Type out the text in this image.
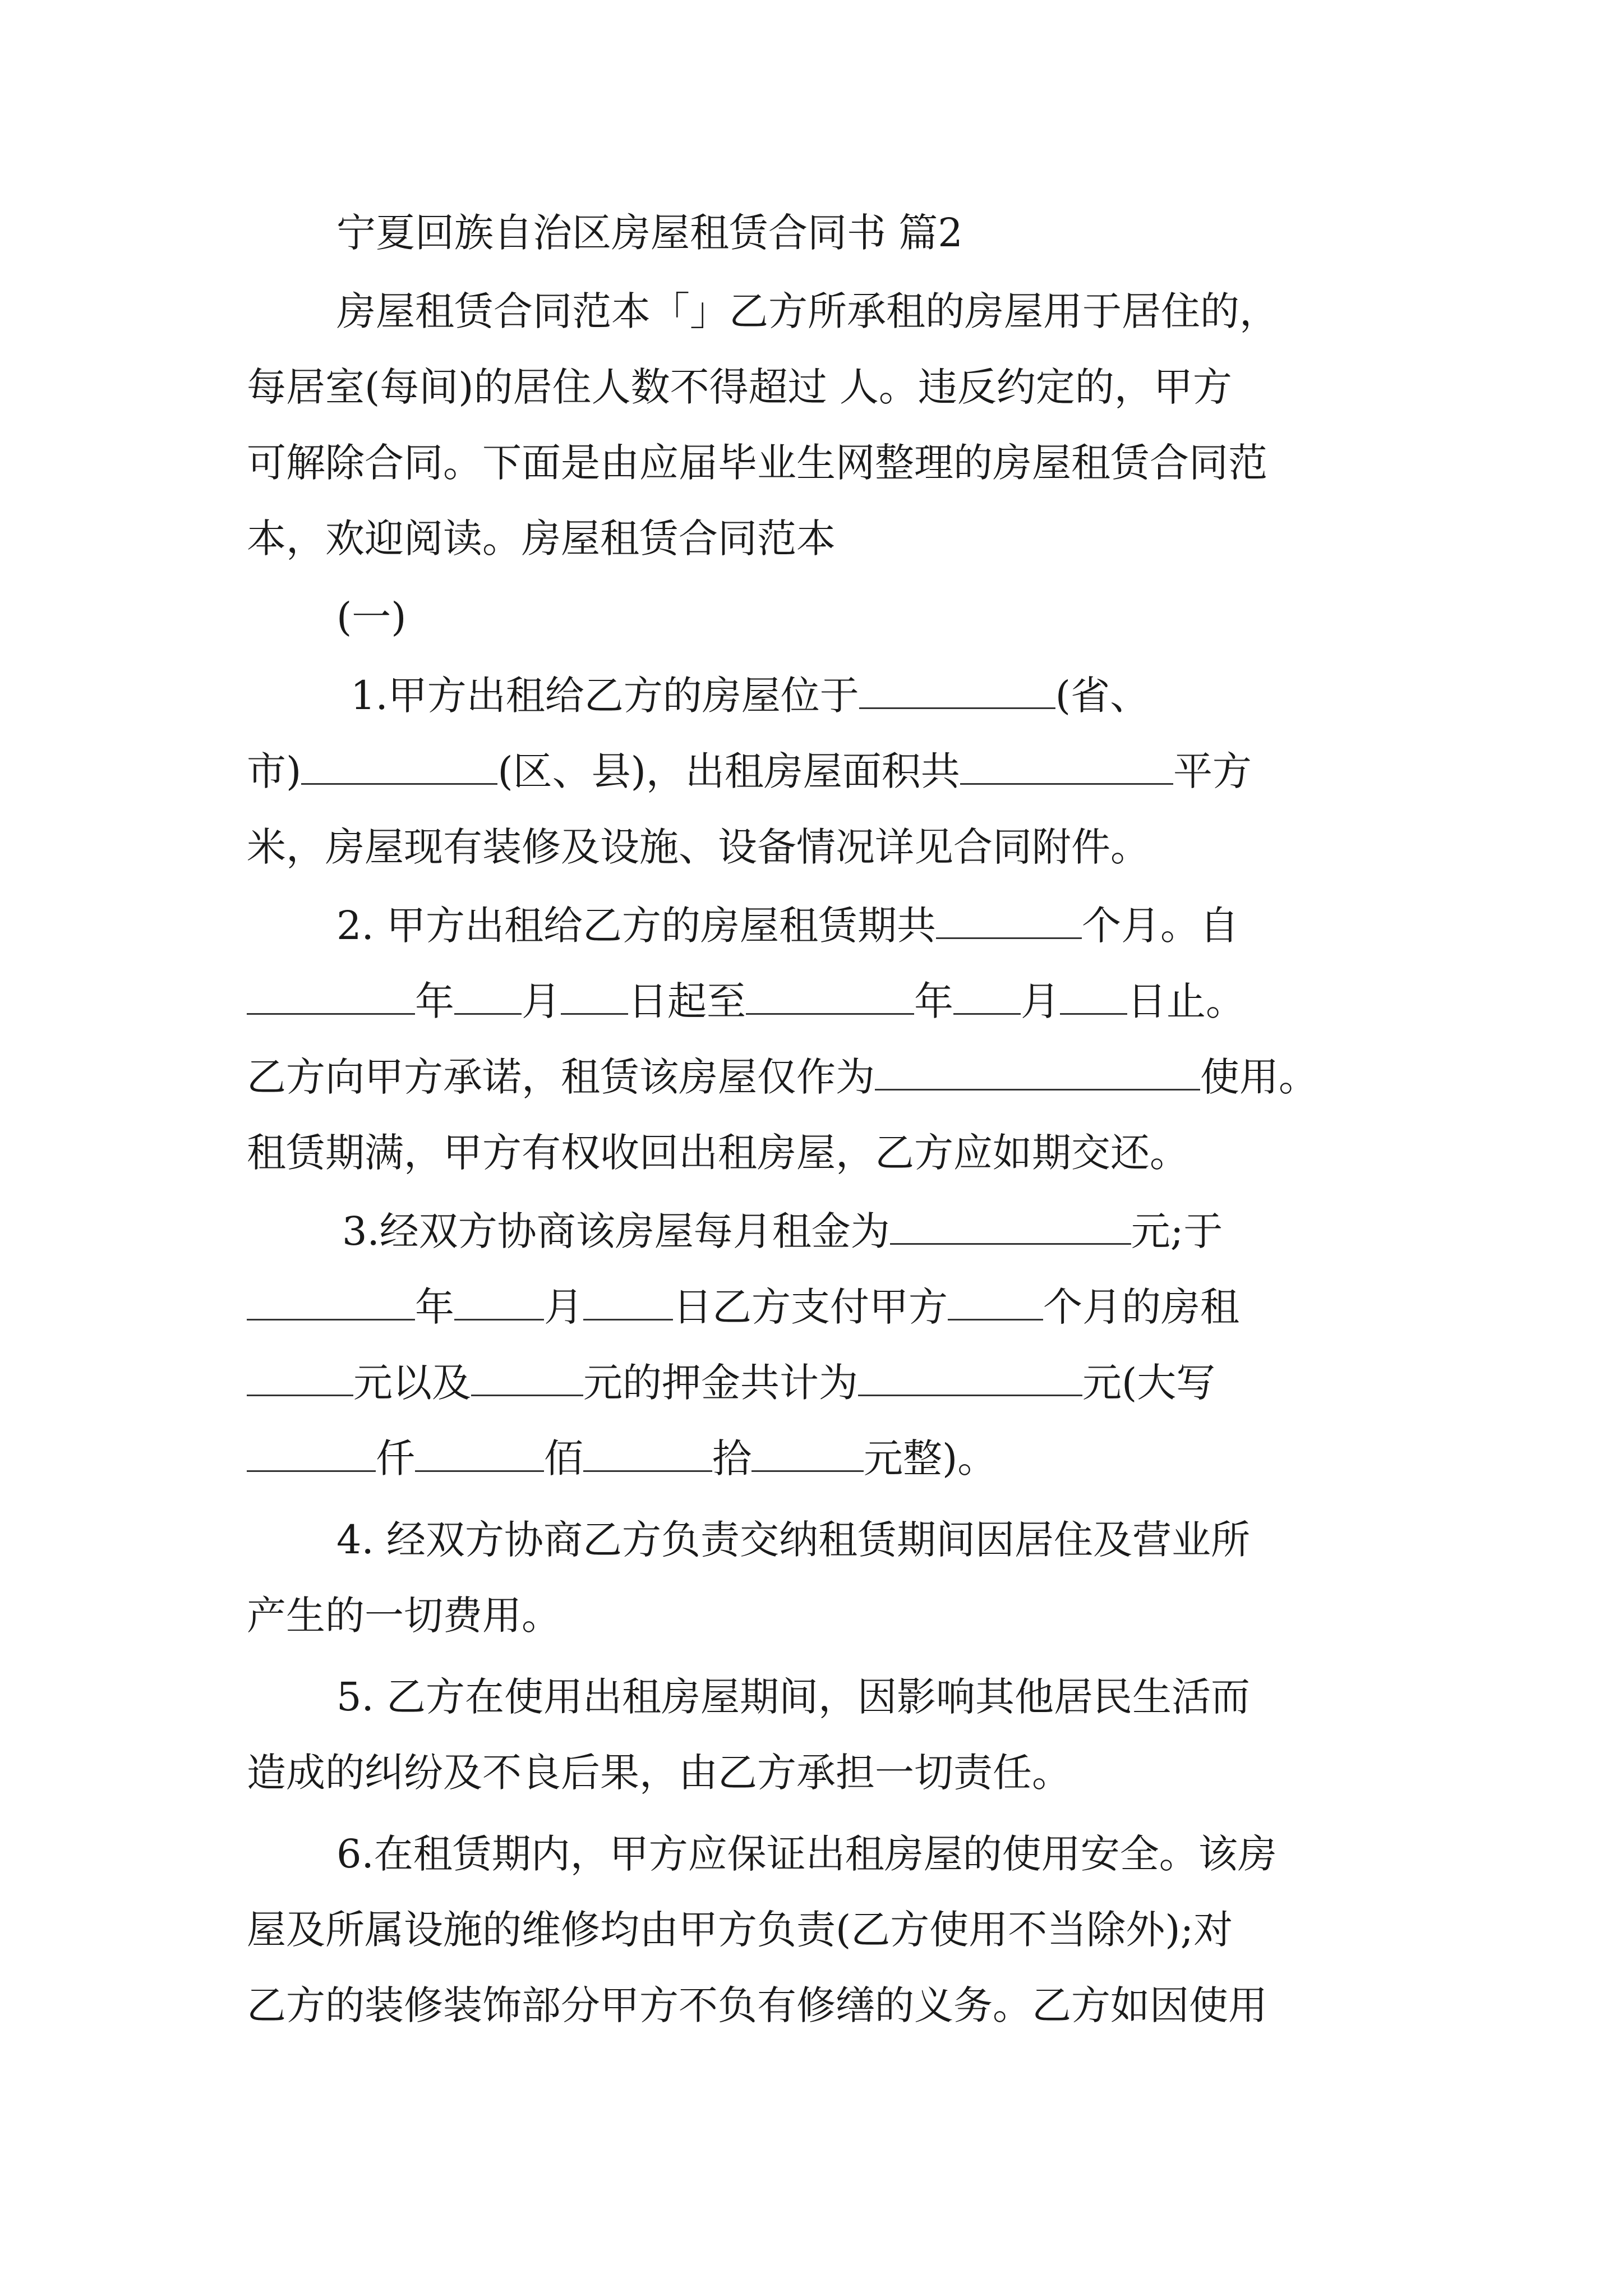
宁夏回族自治区房屋租赁合同书 篇2
房屋租赁合同范本「」乙方所承租的房屋用于居住的，
每居室(每间)的居住人数不得超过 人。违反约定的，甲方
可解除合同。下面是由应届毕业生网整理的房屋租赁合同范
本，欢迎阅读。房屋租赁合同范本
(一)
1.甲方出租给乙方的房屋位于	(省、
市)	(区、县)，出租房屋面积共	平方
米，房屋现有装修及设施、设备情况详见合同附件。
2. 甲方出租给乙方的房屋租赁期共	个月。自
年 月 日起至	年 月 日止。
乙方向甲方承诺，租赁该房屋仅作为	使用。
租赁期满，甲方有权收回出租房屋，乙方应如期交还。
3.经双方协商该房屋每月租金为	元;于
年 月 日乙方支付甲方 个月的房租
元以及	元的押金共计为	元(大写
仟	佰	拾	元整)。
4. 经双方协商乙方负责交纳租赁期间因居住及营业所
产生的一切费用。
5. 乙方在使用出租房屋期间，因影响其他居民生活而
造成的纠纷及不良后果，由乙方承担一切责任。
6.在租赁期内，甲方应保证出租房屋的使用安全。该房
屋及所属设施的维修均由甲方负责(乙方使用不当除外);对
乙方的装修装饰部分甲方不负有修缮的义务。乙方如因使用
